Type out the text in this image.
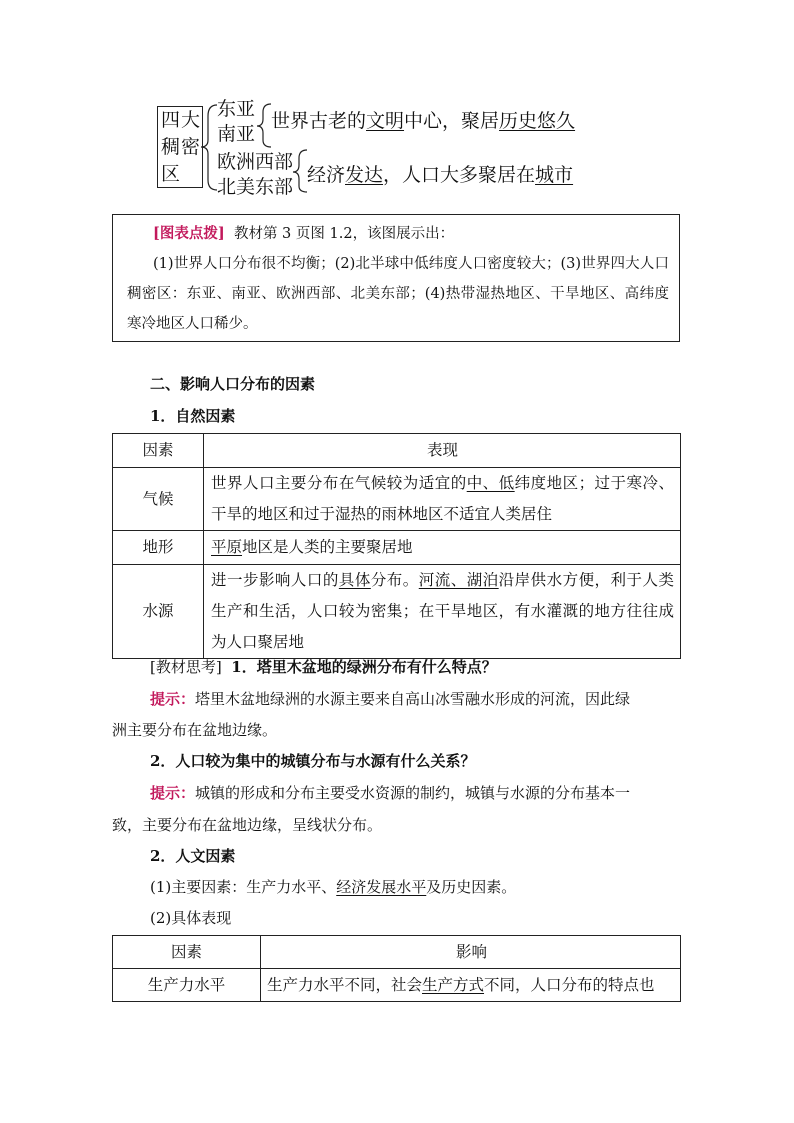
四大
稠密
区
东亚
南亚
世界古老的文明中心，聚居历史悠久
欧洲西部
北美东部
经济发达，人口大多聚居在城市

[图表点拨] 教材第 3 页图 1.2，该图展示出：

(1)世界人口分布很不均衡；(2)北半球中低纬度人口密度较大；(3)世界四大人口稠密区：东亚、南亚、欧洲西部、北美东部；(4)热带湿热地区、干旱地区、高纬度寒冷地区人口稀少。

二、影响人口分布的因素
1．自然因素
因素	表现
气候	世界人口主要分布在气候较为适宜的中、低纬度地区；过于寒冷、干旱的地区和过于湿热的雨林地区不适宜人类居住
地形	平原地区是人类的主要聚居地
水源	进一步影响人口的具体分布。河流、湖泊沿岸供水方便，利于人类生产和生活，人口较为密集；在干旱地区，有水灌溉的地方往往成为人口聚居地
[教材思考] 1．塔里木盆地的绿洲分布有什么特点？
提示：塔里木盆地绿洲的水源主要来自高山冰雪融水形成的河流，因此绿
洲主要分布在盆地边缘。
2．人口较为集中的城镇分布与水源有什么关系？
提示：城镇的形成和分布主要受水资源的制约，城镇与水源的分布基本一
致，主要分布在盆地边缘，呈线状分布。
2．人文因素
(1)主要因素：生产力水平、经济发展水平及历史因素。
(2)具体表现
因素	影响
生产力水平	生产力水平不同，社会生产方式不同，人口分布的特点也
